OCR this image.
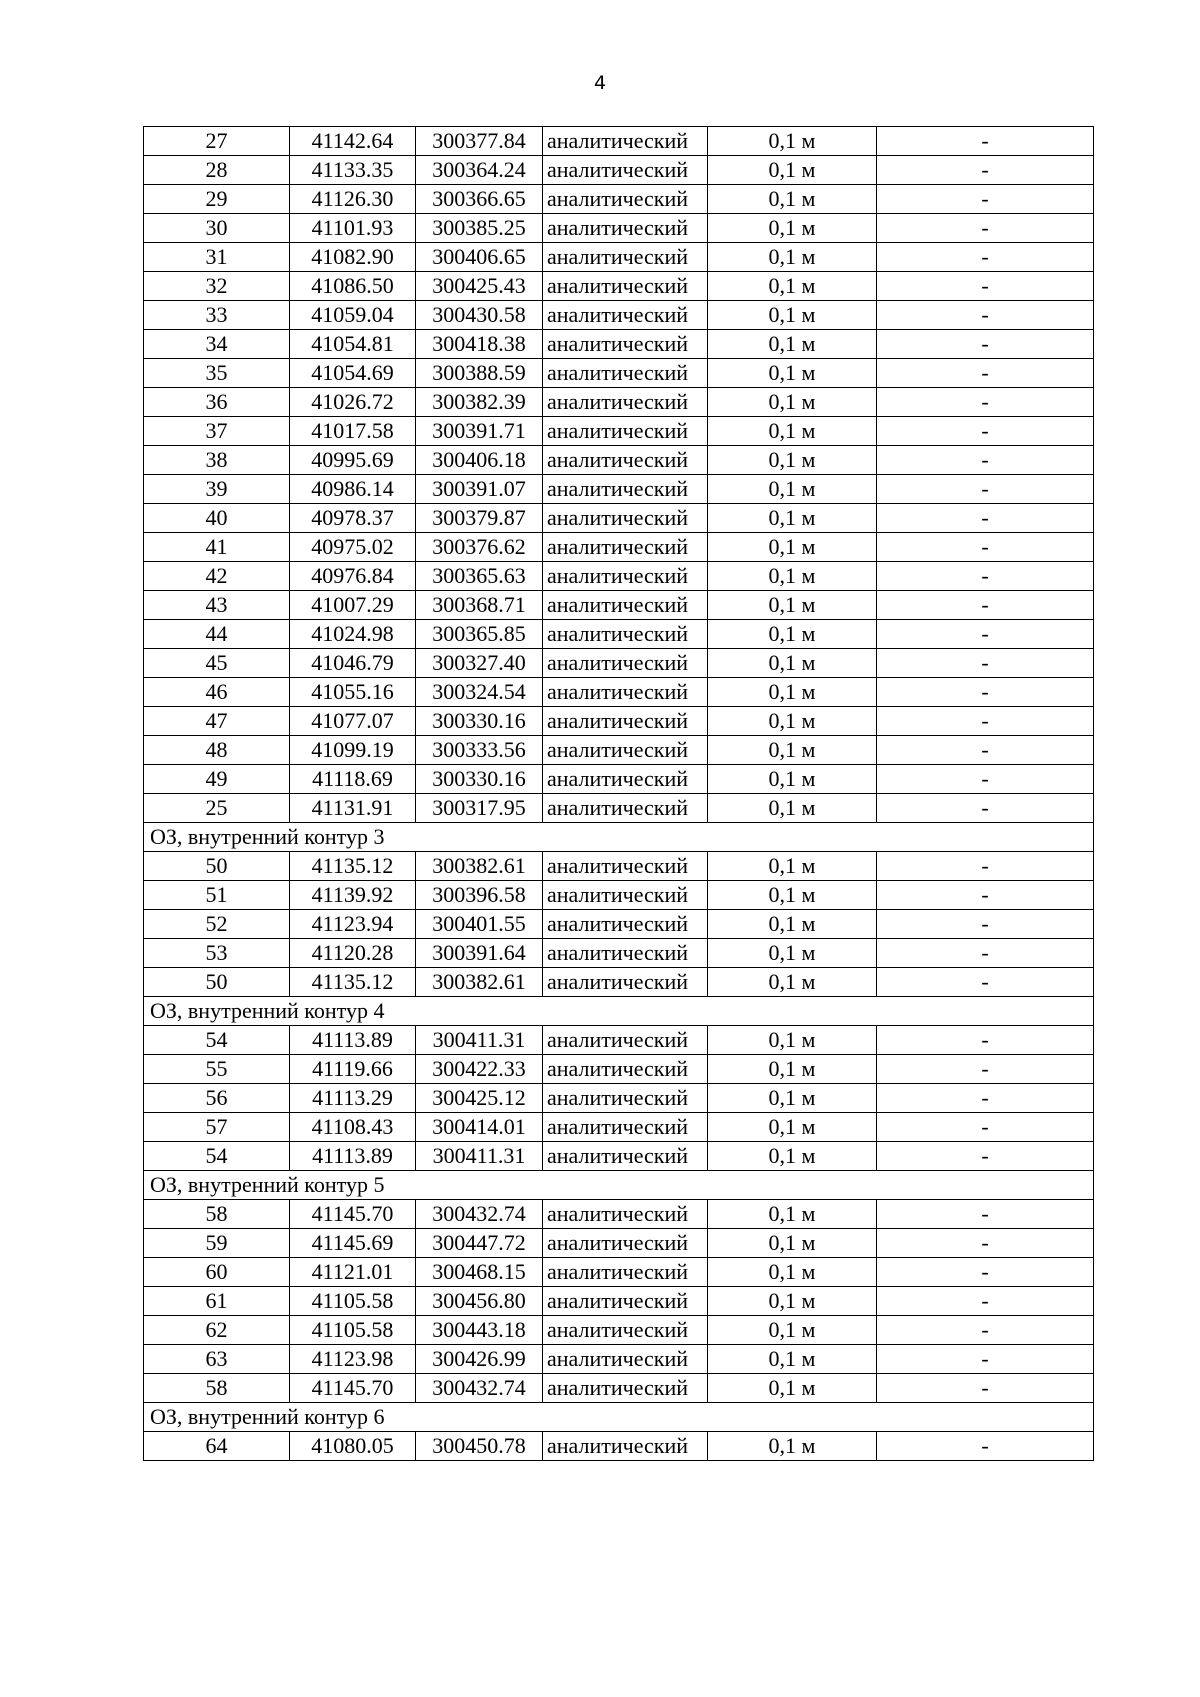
4
27	41142.64	300377.84	аналитический	0,1 м	-
28	41133.35	300364.24	аналитический	0,1 м	-
29	41126.30	300366.65	аналитический	0,1 м	-
30	41101.93	300385.25	аналитический	0,1 м	-
31	41082.90	300406.65	аналитический	0,1 м	-
32	41086.50	300425.43	аналитический	0,1 м	-
33	41059.04	300430.58	аналитический	0,1 м	-
34	41054.81	300418.38	аналитический	0,1 м	-
35	41054.69	300388.59	аналитический	0,1 м	-
36	41026.72	300382.39	аналитический	0,1 м	-
37	41017.58	300391.71	аналитический	0,1 м	-
38	40995.69	300406.18	аналитический	0,1 м	-
39	40986.14	300391.07	аналитический	0,1 м	-
40	40978.37	300379.87	аналитический	0,1 м	-
41	40975.02	300376.62	аналитический	0,1 м	-
42	40976.84	300365.63	аналитический	0,1 м	-
43	41007.29	300368.71	аналитический	0,1 м	-
44	41024.98	300365.85	аналитический	0,1 м	-
45	41046.79	300327.40	аналитический	0,1 м	-
46	41055.16	300324.54	аналитический	0,1 м	-
47	41077.07	300330.16	аналитический	0,1 м	-
48	41099.19	300333.56	аналитический	0,1 м	-
49	41118.69	300330.16	аналитический	0,1 м	-
25	41131.91	300317.95	аналитический	0,1 м	-
ОЗ, внутренний контур 3					
50	41135.12	300382.61	аналитический	0,1 м	-
51	41139.92	300396.58	аналитический	0,1 м	-
52	41123.94	300401.55	аналитический	0,1 м	-
53	41120.28	300391.64	аналитический	0,1 м	-
50	41135.12	300382.61	аналитический	0,1 м	-
ОЗ, внутренний контур 4					
54	41113.89	300411.31	аналитический	0,1 м	-
55	41119.66	300422.33	аналитический	0,1 м	-
56	41113.29	300425.12	аналитический	0,1 м	-
57	41108.43	300414.01	аналитический	0,1 м	-
54	41113.89	300411.31	аналитический	0,1 м	-
ОЗ, внутренний контур 5					
58	41145.70	300432.74	аналитический	0,1 м	-
59	41145.69	300447.72	аналитический	0,1 м	-
60	41121.01	300468.15	аналитический	0,1 м	-
61	41105.58	300456.80	аналитический	0,1 м	-
62	41105.58	300443.18	аналитический	0,1 м	-
63	41123.98	300426.99	аналитический	0,1 м	-
58	41145.70	300432.74	аналитический	0,1 м	-
ОЗ, внутренний контур 6					
64	41080.05	300450.78	аналитический	0,1 м	-
